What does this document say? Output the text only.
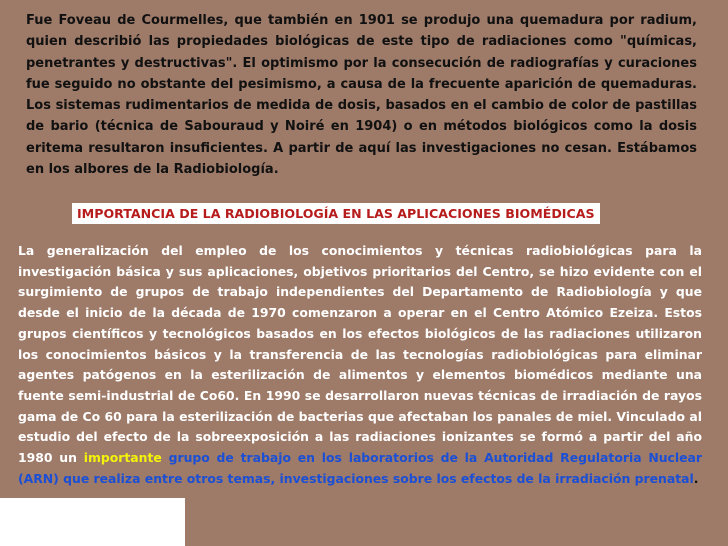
Fue Foveau de Courmelles, que también en 1901 se produjo una quemadura por radium, quien describió las propiedades biológicas de este tipo de radiaciones como "químicas, penetrantes y destructivas". El optimismo por la consecución de radiografías y curaciones fue seguido no obstante del pesimismo, a causa de la frecuente aparición de quemaduras. Los sistemas rudimentarios de medida de dosis, basados en el cambio de color de pastillas de bario (técnica de Sabouraud y Noiré en 1904) o en métodos biológicos como la dosis eritema resultaron insuficientes. A partir de aquí las investigaciones no cesan. Estábamos en los albores de la Radiobiología.
IMPORTANCIA DE LA RADIOBIOLOGÍA EN LAS APLICACIONES BIOMÉDICAS
La generalización del empleo de los conocimientos y técnicas radiobiológicas para la investigación básica y sus aplicaciones, objetivos prioritarios del Centro, se hizo evidente con el surgimiento de grupos de trabajo independientes del Departamento de Radiobiología y que desde el inicio de la década de 1970 comenzaron a operar en el Centro Atómico Ezeiza. Estos grupos científicos y tecnológicos basados en los efectos biológicos de las radiaciones utilizaron los conocimientos básicos y la transferencia de las tecnologías radiobiológicas para eliminar agentes patógenos en la esterilización de alimentos y elementos biomédicos mediante una fuente semi-industrial de Co60. En 1990 se desarrollaron nuevas técnicas de irradiación de rayos gama de Co 60 para la esterilización de bacterias que afectaban los panales de miel. Vinculado al estudio del efecto de la sobreexposición a las radiaciones ionizantes se formó a partir del año 1980 un importante grupo de trabajo en los laboratorios de la Autoridad Regulatoria Nuclear (ARN) que realiza entre otros temas, investigaciones sobre los efectos de la irradiación prenatal.
